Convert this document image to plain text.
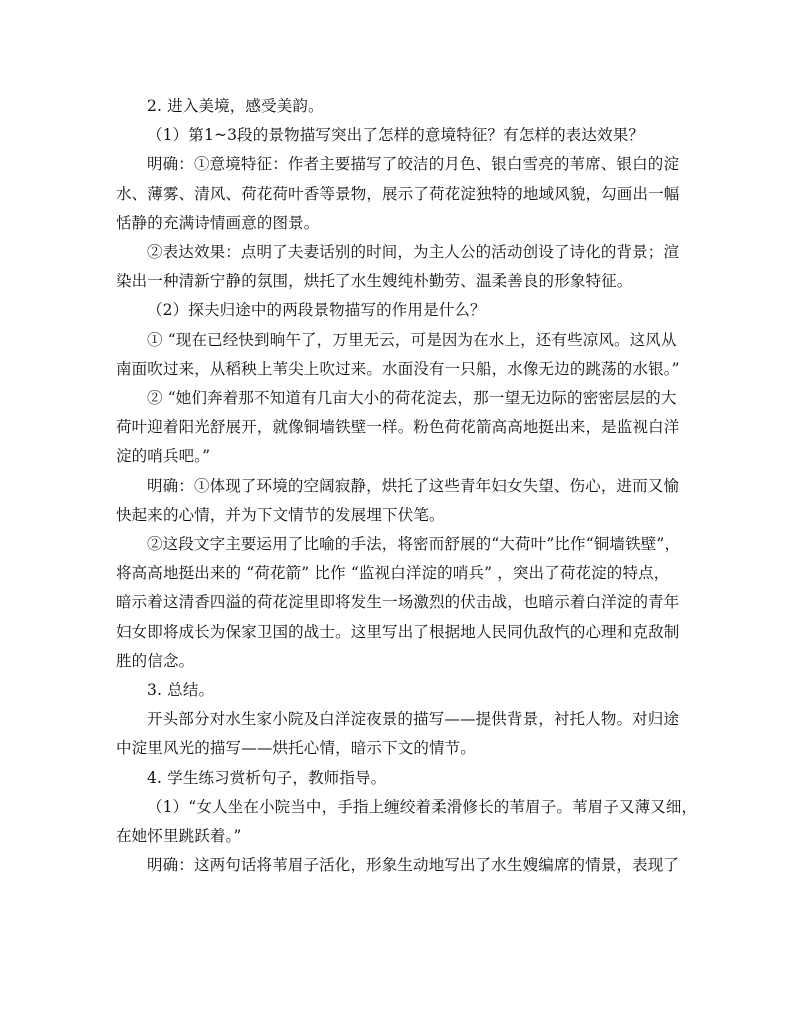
2. 进入美境，感受美韵。
（1）第1~3段的景物描写突出了怎样的意境特征？有怎样的表达效果？
明确：①意境特征：作者主要描写了皎洁的月色、银白雪亮的苇席、银白的淀
水、薄雾、清风、荷花荷叶香等景物，展示了荷花淀独特的地域风貌，勾画出一幅
恬静的充满诗情画意的图景。
②表达效果：点明了夫妻话别的时间，为主人公的活动创设了诗化的背景；渲
染出一种清新宁静的氛围，烘托了水生嫂纯朴勤劳、温柔善良的形象特征。
（2）探夫归途中的两段景物描写的作用是什么？
① “现在已经快到晌午了，万里无云，可是因为在水上，还有些凉风。这风从
南面吹过来，从稻秧上苇尖上吹过来。水面没有一只船，水像无边的跳荡的水银。”
② “她们奔着那不知道有几亩大小的荷花淀去，那一望无边际的密密层层的大
荷叶迎着阳光舒展开，就像铜墙铁壁一样。粉色荷花箭高高地挺出来，是监视白洋
淀的哨兵吧。”
明确：①体现了环境的空阔寂静，烘托了这些青年妇女失望、伤心，进而又愉
快起来的心情，并为下文情节的发展埋下伏笔。
②这段文字主要运用了比喻的手法，将密而舒展的“大荷叶”比作“铜墙铁壁”，
将高高地挺出来的 “荷花箭” 比作 “监视白洋淀的哨兵” ，突出了荷花淀的特点，
暗示着这清香四溢的荷花淀里即将发生一场激烈的伏击战，也暗示着白洋淀的青年
妇女即将成长为保家卫国的战士。这里写出了根据地人民同仇敌忾的心理和克敌制
胜的信念。
3. 总结。
开头部分对水生家小院及白洋淀夜景的描写——提供背景，衬托人物。对归途
中淀里风光的描写——烘托心情，暗示下文的情节。
4. 学生练习赏析句子，教师指导。
（1）“女人坐在小院当中，手指上缠绞着柔滑修长的苇眉子。苇眉子又薄又细，
在她怀里跳跃着。”
明确：这两句话将苇眉子活化，形象生动地写出了水生嫂编席的情景，表现了
